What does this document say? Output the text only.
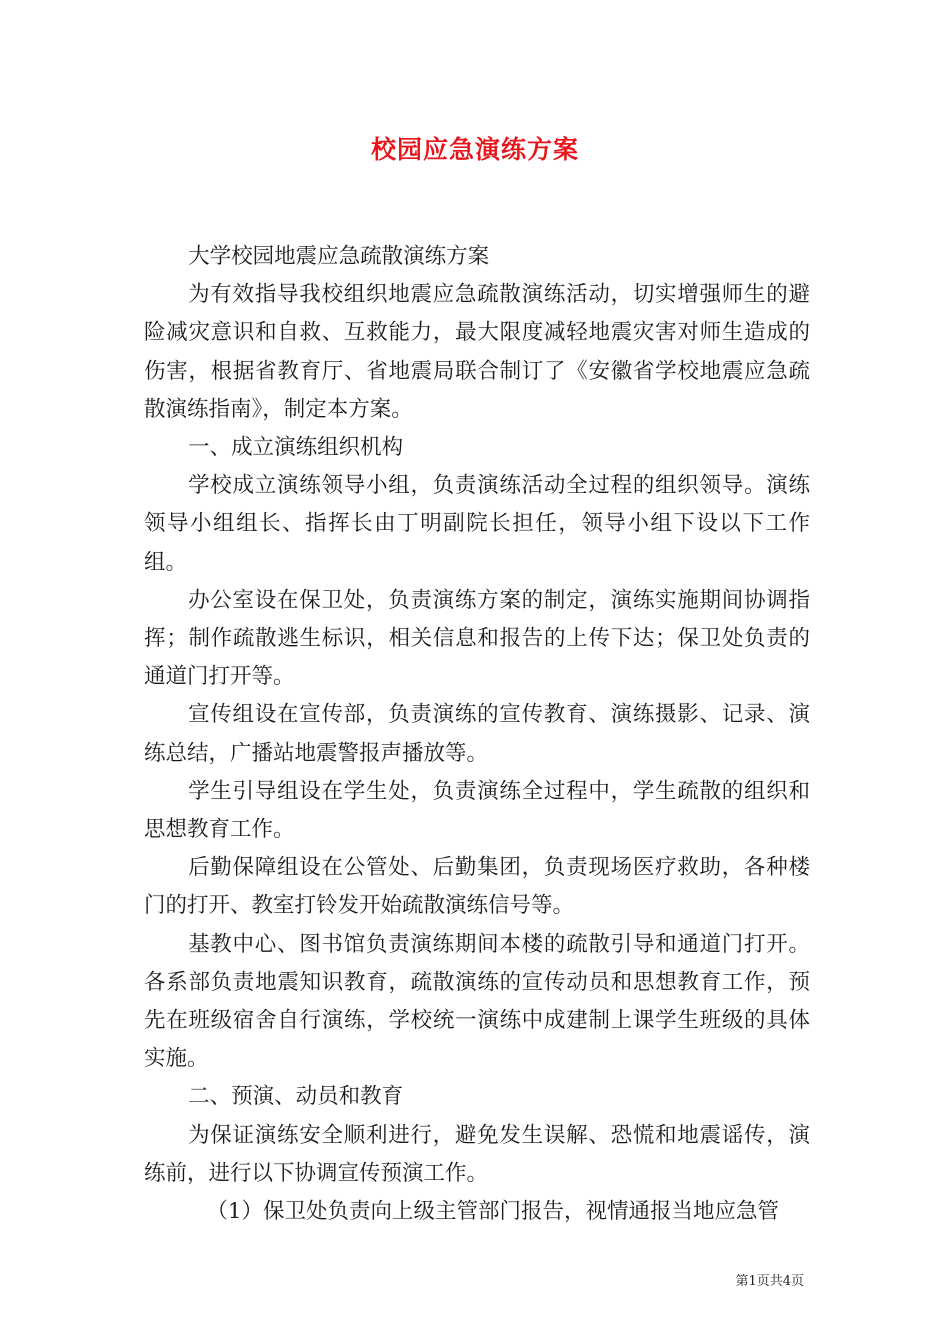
校园应急演练方案

大学校园地震应急疏散演练方案

为有效指导我校组织地震应急疏散演练活动，切实增强师生的避险减灾意识和自救、互救能力，最大限度减轻地震灾害对师生造成的伤害，根据省教育厅、省地震局联合制订了《安徽省学校地震应急疏散演练指南》，制定本方案。

一、成立演练组织机构

学校成立演练领导小组，负责演练活动全过程的组织领导。演练领导小组组长、指挥长由丁明副院长担任，领导小组下设以下工作组。

办公室设在保卫处，负责演练方案的制定，演练实施期间协调指挥；制作疏散逃生标识，相关信息和报告的上传下达；保卫处负责的通道门打开等。

宣传组设在宣传部，负责演练的宣传教育、演练摄影、记录、演练总结，广播站地震警报声播放等。

学生引导组设在学生处，负责演练全过程中，学生疏散的组织和思想教育工作。

后勤保障组设在公管处、后勤集团，负责现场医疗救助，各种楼门的打开、教室打铃发开始疏散演练信号等。

基教中心、图书馆负责演练期间本楼的疏散引导和通道门打开。各系部负责地震知识教育，疏散演练的宣传动员和思想教育工作，预先在班级宿舍自行演练，学校统一演练中成建制上课学生班级的具体实施。

二、预演、动员和教育

为保证演练安全顺利进行，避免发生误解、恐慌和地震谣传，演练前，进行以下协调宣传预演工作。

（1）保卫处负责向上级主管部门报告，视情通报当地应急管

第1页共4页
